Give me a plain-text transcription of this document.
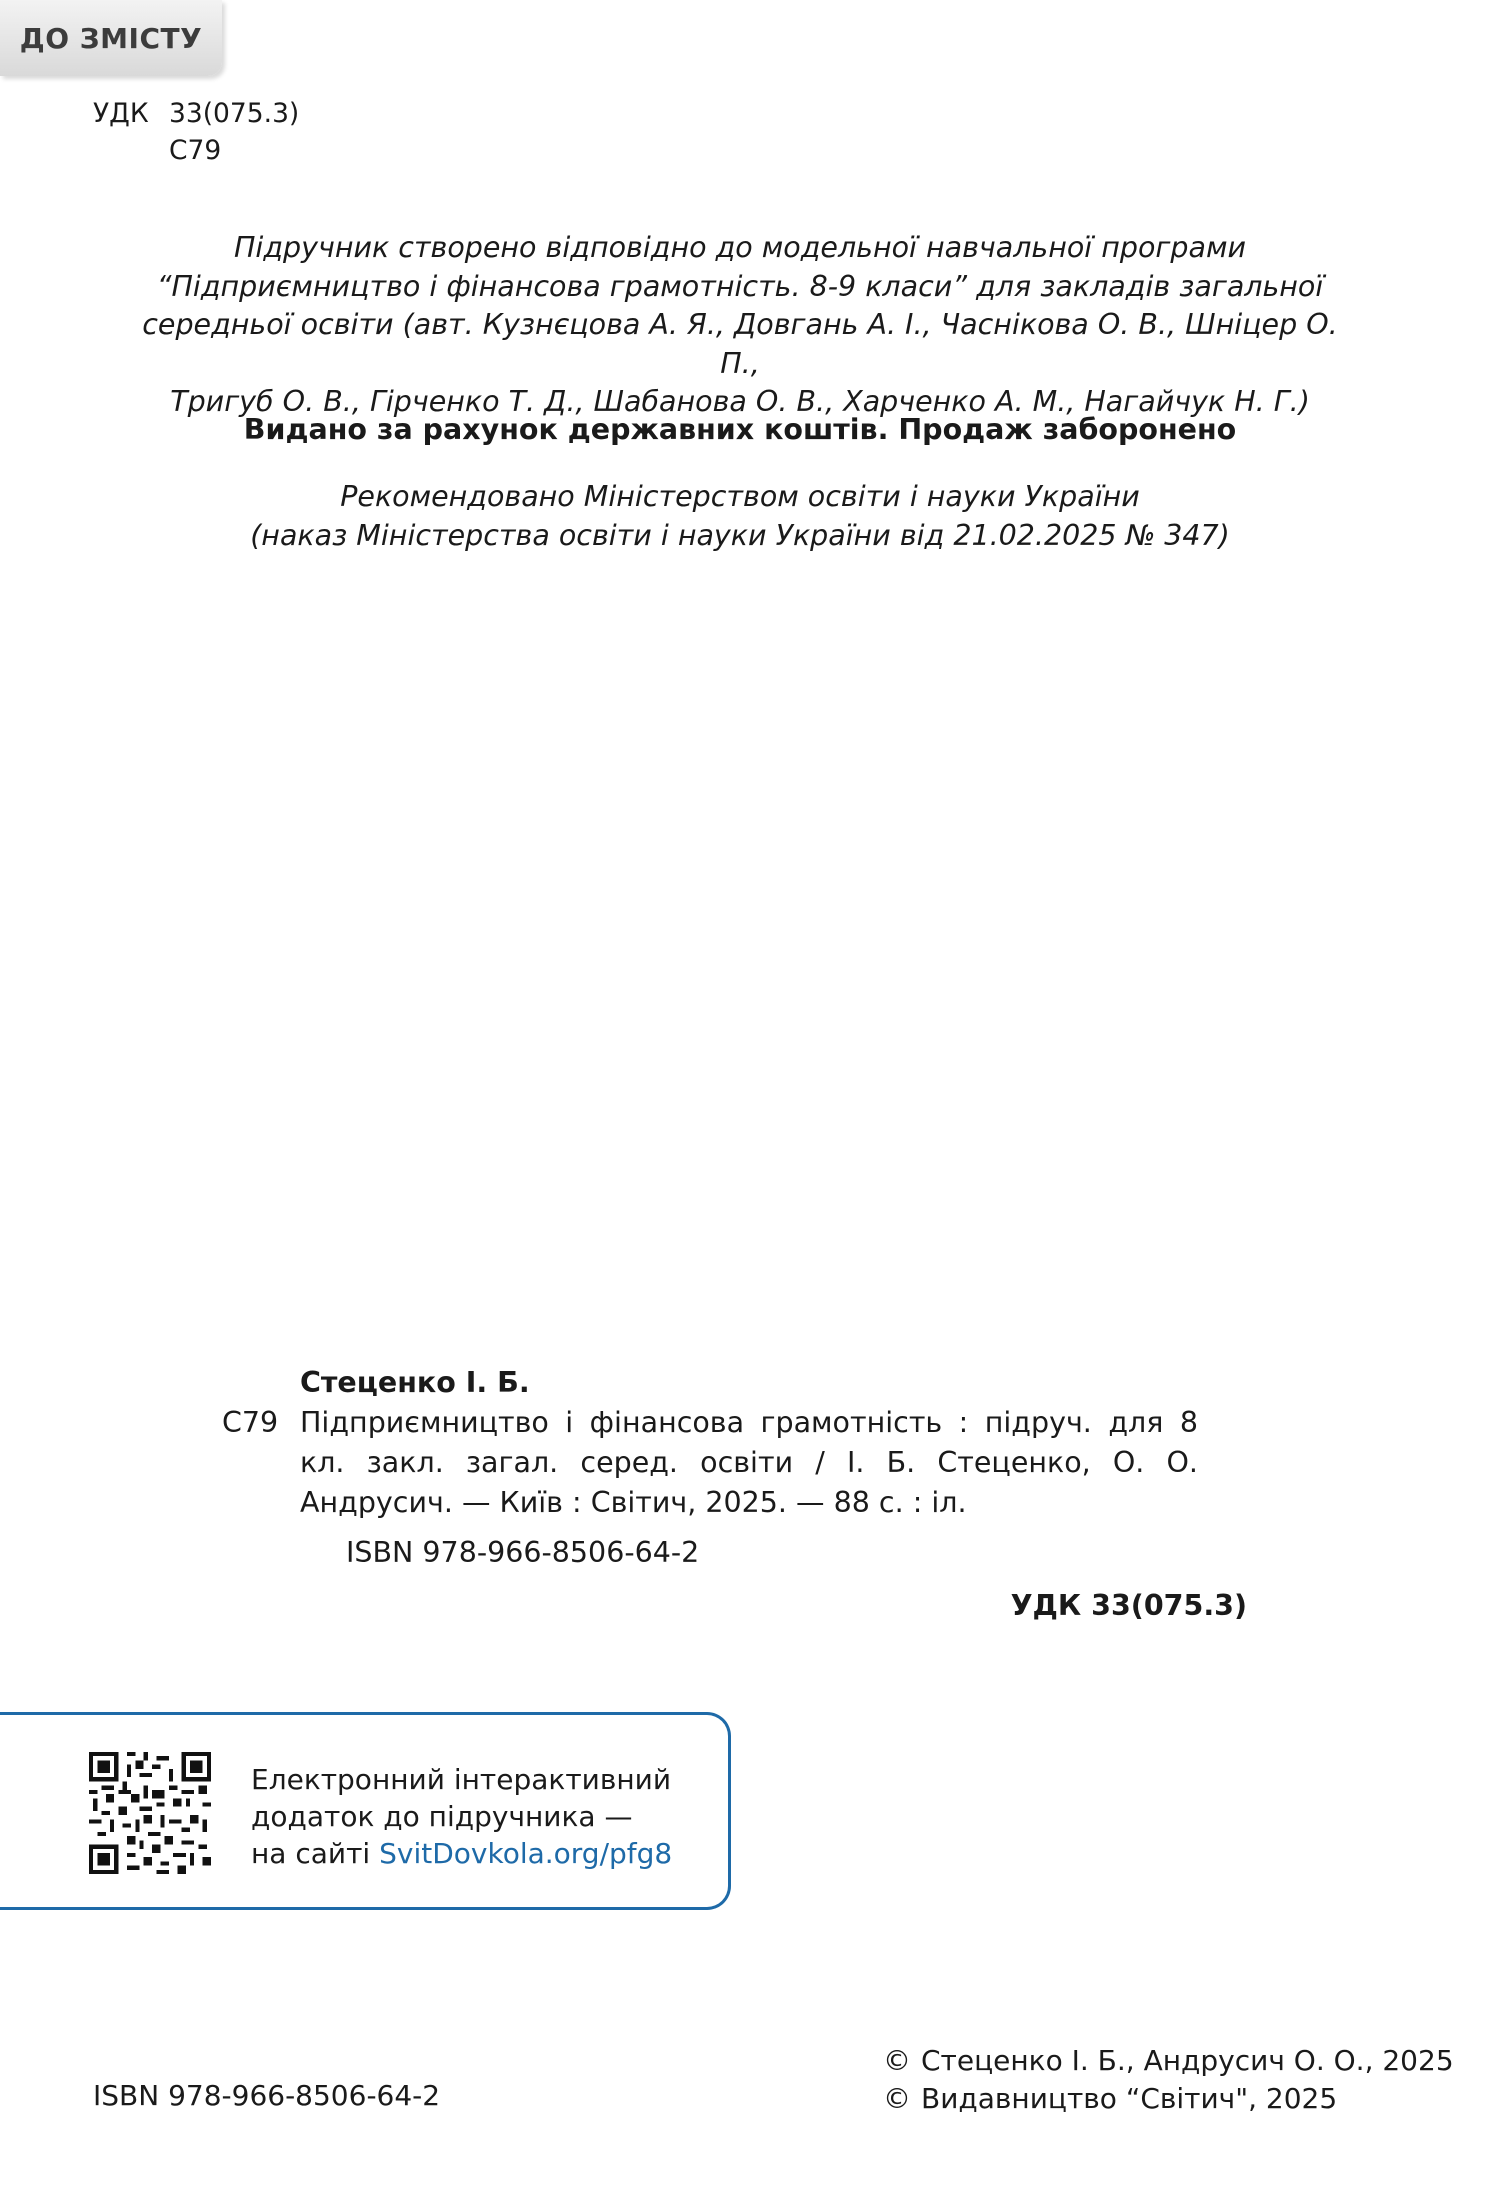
ДО ЗМІСТУ
УДК 33(075.3)
С79
Підручник створено відповідно до модельної навчальної програми
“Підприємництво і фінансова грамотність. 8-9 класи” для закладів загальної
середньої освіти (авт. Кузнєцова А. Я., Довгань А. І., Часнікова О. В., Шніцер О. П.,
Тригуб О. В., Гірченко Т. Д., Шабанова О. В., Харченко А. М., Нагайчук Н. Г.)
Видано за рахунок державних коштів. Продаж заборонено
Рекомендовано Міністерством освіти і науки України
(наказ Міністерства освіти і науки України від 21.02.2025 № 347)
Стеценко І. Б.
С79 Підприємництво і фінансова грамотність : підруч. для 8 кл. закл. загал. серед. освіти / І. Б. Стеценко, О. О. Андрусич. — Київ : Світич, 2025. — 88 с. : іл.
ISBN 978-966-8506-64-2
УДК 33(075.3)
Електронний інтерактивний
додаток до підручника —
на сайті SvitDovkola.org/pfg8
ISBN 978-966-8506-64-2
© Стеценко І. Б., Андрусич О. О., 2025
© Видавництво “Світич", 2025
